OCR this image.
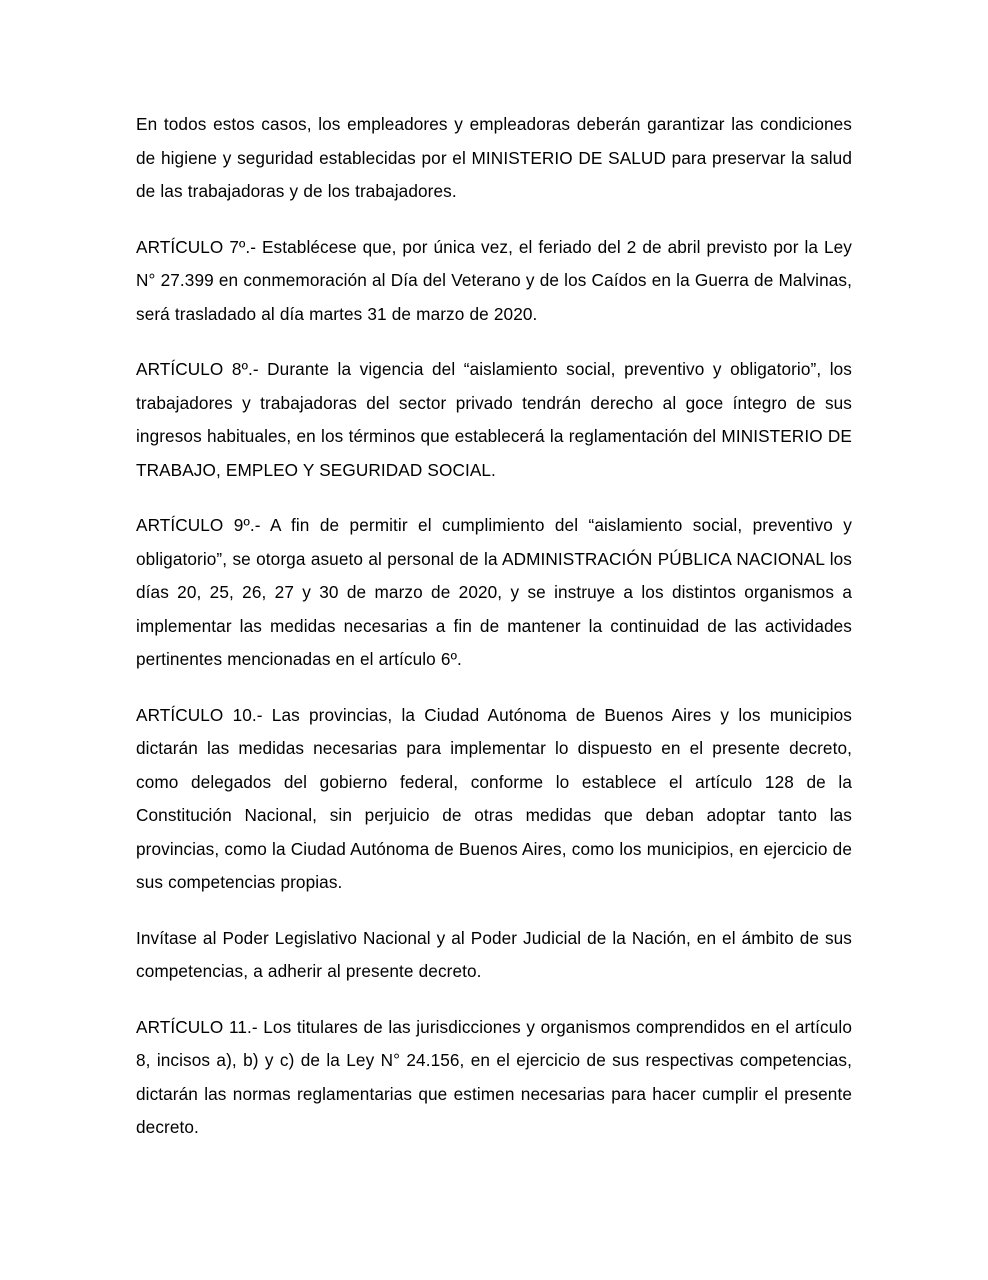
En todos estos casos, los empleadores y empleadoras deberán garantizar las condiciones de higiene y seguridad establecidas por el MINISTERIO DE SALUD para preservar la salud de las trabajadoras y de los trabajadores.

ARTÍCULO 7º.- Establécese que, por única vez, el feriado del 2 de abril previsto por la Ley N° 27.399 en conmemoración al Día del Veterano y de los Caídos en la Guerra de Malvinas, será trasladado al día martes 31 de marzo de 2020.

ARTÍCULO 8º.- Durante la vigencia del “aislamiento social, preventivo y obligatorio”, los trabajadores y trabajadoras del sector privado tendrán derecho al goce íntegro de sus ingresos habituales, en los términos que establecerá la reglamentación del MINISTERIO DE TRABAJO, EMPLEO Y SEGURIDAD SOCIAL.

ARTÍCULO 9º.- A fin de permitir el cumplimiento del “aislamiento social, preventivo y obligatorio”, se otorga asueto al personal de la ADMINISTRACIÓN PÚBLICA NACIONAL los días 20, 25, 26, 27 y 30 de marzo de 2020, y se instruye a los distintos organismos a implementar las medidas necesarias a fin de mantener la continuidad de las actividades pertinentes mencionadas en el artículo 6º.

ARTÍCULO 10.- Las provincias, la Ciudad Autónoma de Buenos Aires y los municipios dictarán las medidas necesarias para implementar lo dispuesto en el presente decreto, como delegados del gobierno federal, conforme lo establece el artículo 128 de la Constitución Nacional, sin perjuicio de otras medidas que deban adoptar tanto las provincias, como la Ciudad Autónoma de Buenos Aires, como los municipios, en ejercicio de sus competencias propias.

Invítase al Poder Legislativo Nacional y al Poder Judicial de la Nación, en el ámbito de sus competencias, a adherir al presente decreto.

ARTÍCULO 11.- Los titulares de las jurisdicciones y organismos comprendidos en el artículo 8, incisos a), b) y c) de la Ley N° 24.156, en el ejercicio de sus respectivas competencias, dictarán las normas reglamentarias que estimen necesarias para hacer cumplir el presente decreto.
